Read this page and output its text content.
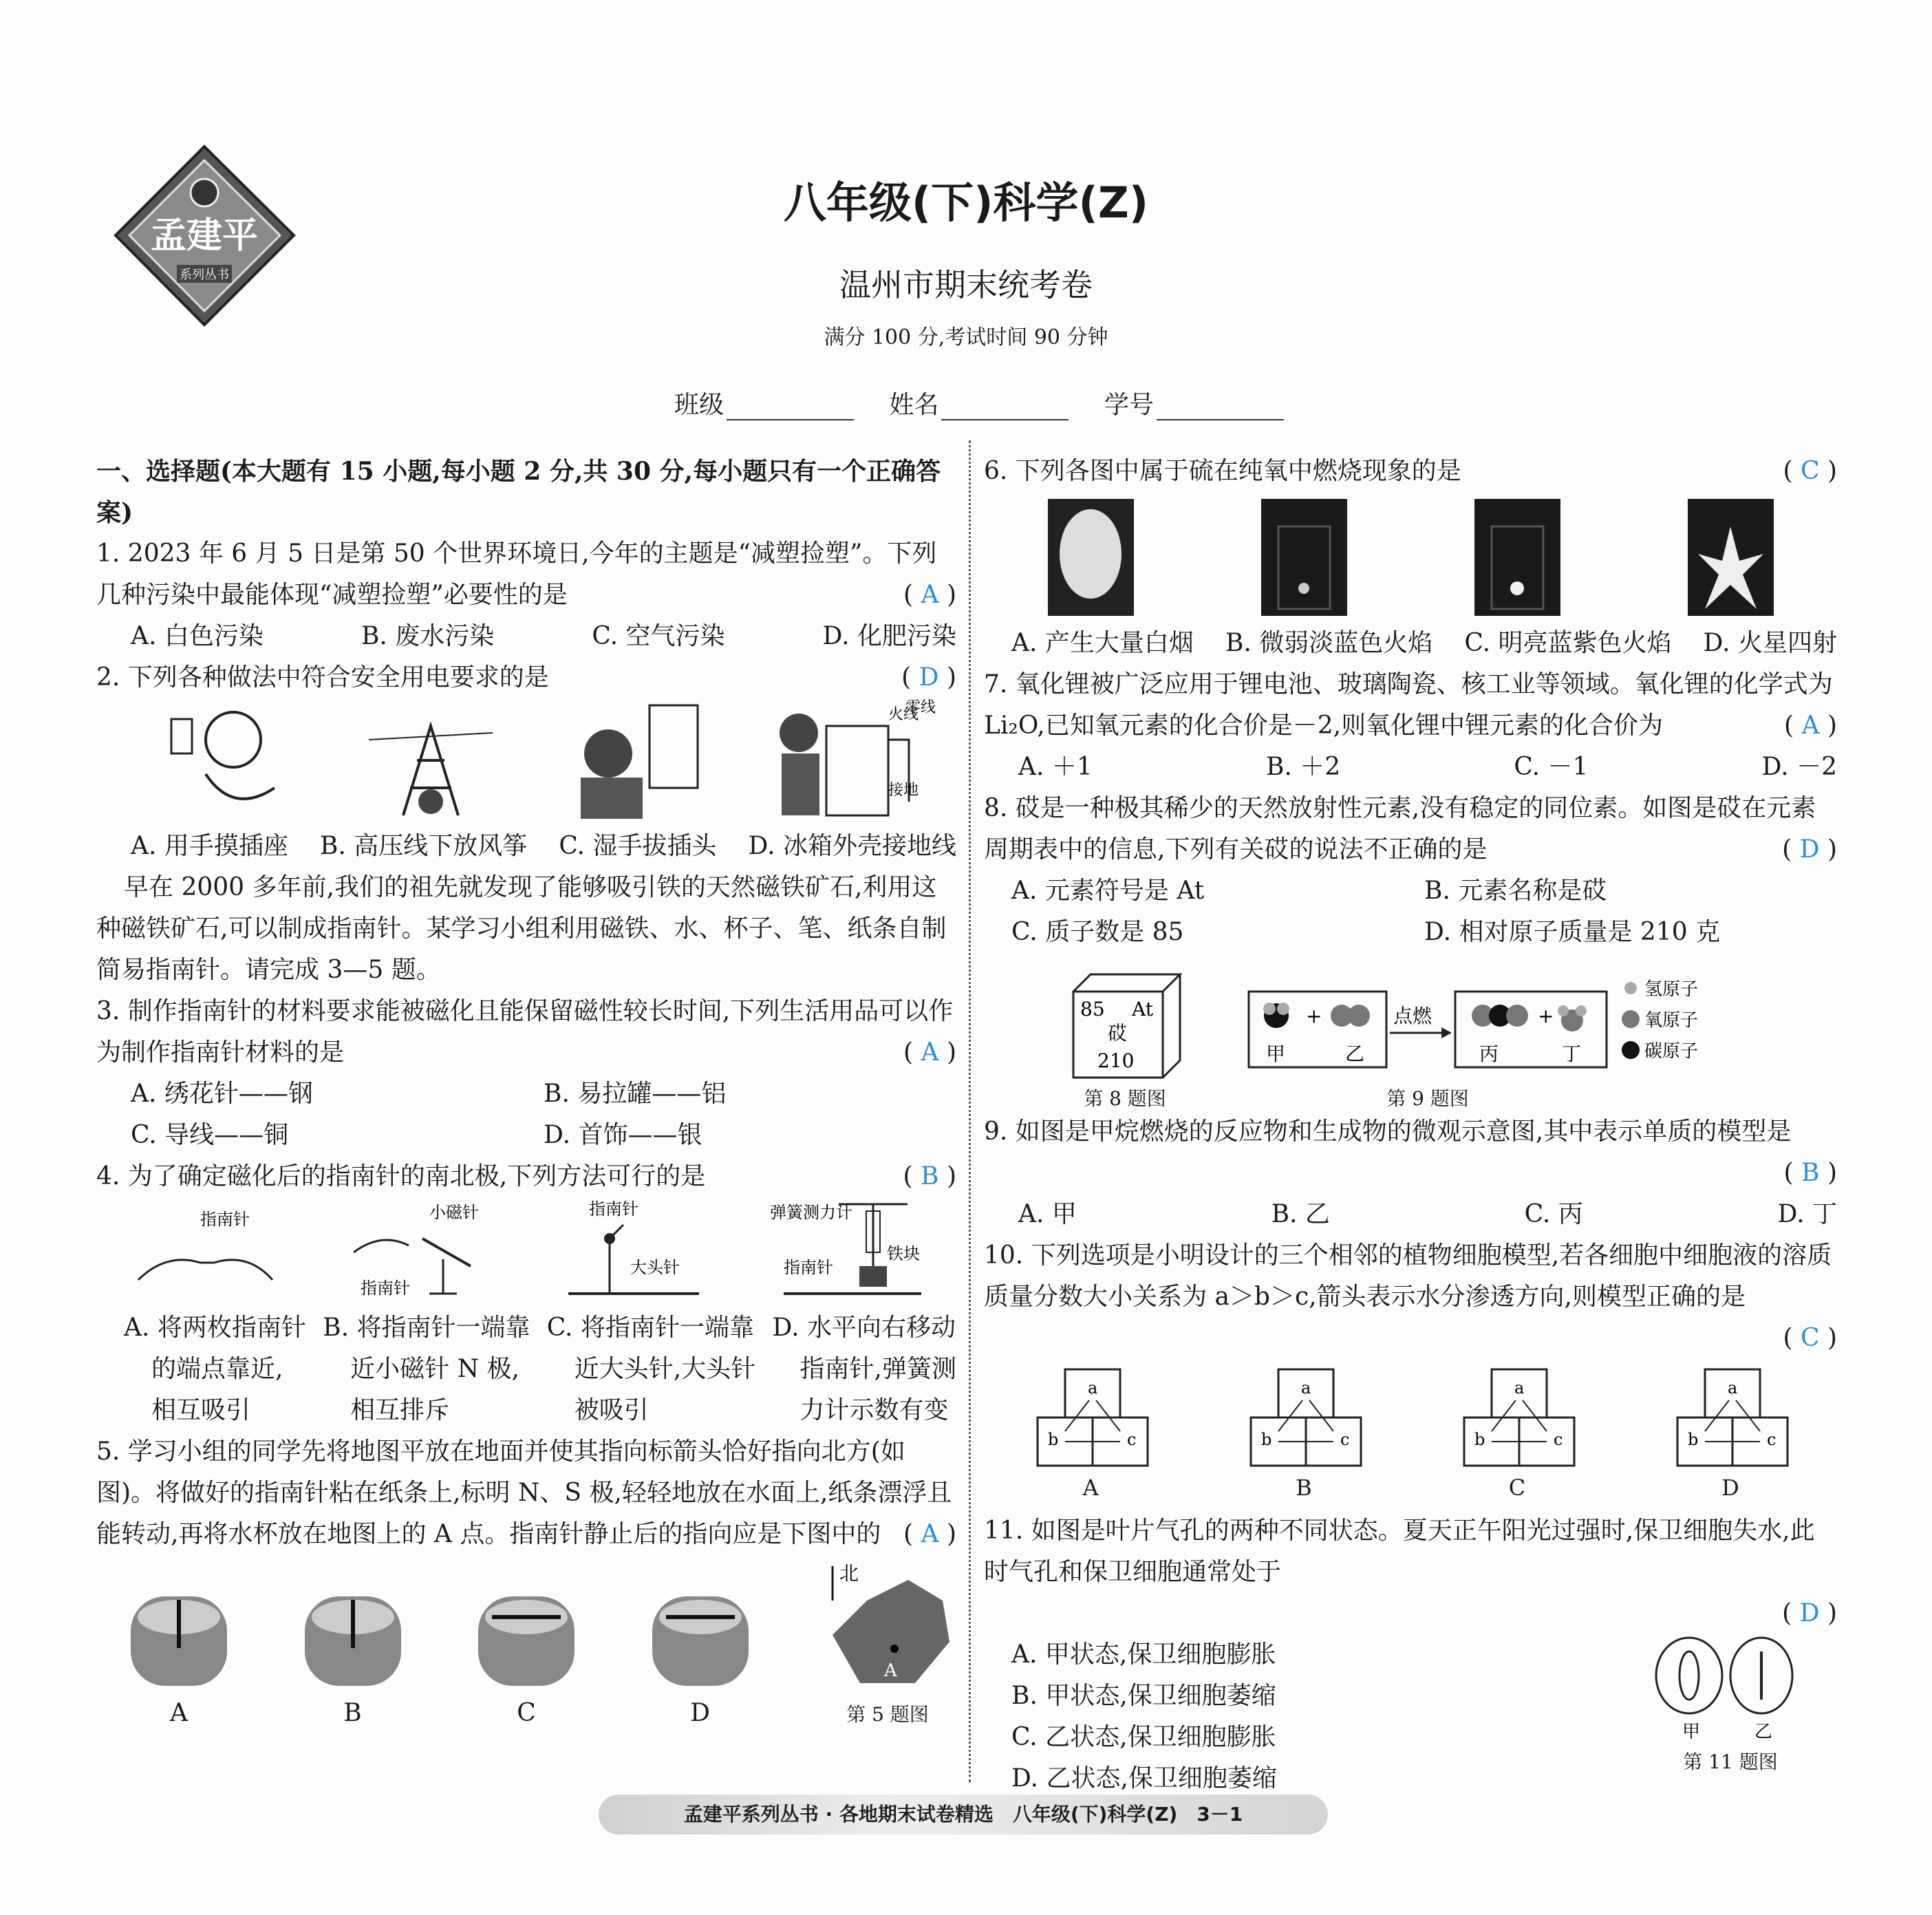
孟建平
系列丛书
八年级(下)科学(Z)
温州市期末统考卷
满分 100 分,考试时间 90 分钟
班级	姓名	学号
一、选择题(本大题有 15 小题,每小题 2 分,共 30 分,每小题只有一个正确答案)
1. 2023 年 6 月 5 日是第 50 个世界环境日,今年的主题是“减塑捡塑”。下列几种污染中最能体现“减塑捡塑”必要性的是	( A )
A. 白色污染	B. 废水污染	C. 空气污染	D. 化肥污染
2. 下列各种做法中符合安全用电要求的是	( D )
火线
零线
接地
A. 用手摸插座 B. 高压线下放风筝 C. 湿手拔插头 D. 冰箱外壳接地线
早在 2000 多年前,我们的祖先就发现了能够吸引铁的天然磁铁矿石,利用这种磁铁矿石,可以制成指南针。某学习小组利用磁铁、水、杯子、笔、纸条自制简易指南针。请完成 3—5 题。
3. 制作指南针的材料要求能被磁化且能保留磁性较长时间,下列生活用品可以作为制作指南针材料的是	( A )
A. 绣花针——钢	B. 易拉罐——铝
C. 导线——铜	D. 首饰——银
4. 为了确定磁化后的指南针的南北极,下列方法可行的是	( B )
指南针	小磁针
指南针
指南针
大头针
弹簧测力计
铁块
指南针
A. 将两枚指南针
的端点靠近,
相互吸引
B. 将指南针一端靠
近小磁针 N 极,
相互排斥
C. 将指南针一端靠
近大头针,大头针
被吸引
D. 水平向右移动
指南针,弹簧测
力计示数有变
5. 学习小组的同学先将地图平放在地面并使其指向标箭头恰好指向北方(如图)。将做好的指南针粘在纸条上,标明 N、S 极,轻轻地放在水面上,纸条漂浮且能转动,再将水杯放在地图上的 A 点。指南针静止后的指向应是下图中的 ( A )
A	B	C	D
北
A
第 5 题图
6. 下列各图中属于硫在纯氧中燃烧现象的是	( C )
A. 产生大量白烟 B. 微弱淡蓝色火焰 C. 明亮蓝紫色火焰 D. 火星四射
7. 氧化锂被广泛应用于锂电池、玻璃陶瓷、核工业等领域。氧化锂的化学式为 Li₂O,已知氧元素的化合价是－2,则氧化锂中锂元素的化合价为	( A )
A. ＋1	B. ＋2	C. －1	D. －2
8. 砹是一种极其稀少的天然放射性元素,没有稳定的同位素。如图是砹在元素周期表中的信息,下列有关砹的说法不正确的是	( D )
A. 元素符号是 At	B. 元素名称是砹
C. 质子数是 85	D. 相对原子质量是 210 克
85 At
砹
210
第 8 题图
+
甲	乙
点燃	+
丙	丁
氢原子
氧原子
碳原子
第 9 题图
9. 如图是甲烷燃烧的反应物和生成物的微观示意图,其中表示单质的模型是
( B )
A. 甲	B. 乙	C. 丙	D. 丁
10. 下列选项是小明设计的三个相邻的植物细胞模型,若各细胞中细胞液的溶质质量分数大小关系为 a＞b＞c,箭头表示水分渗透方向,则模型正确的是
( C )
a
b	c
A
a
b	c
B
a
b	c
C
a
b	c
D
11. 如图是叶片气孔的两种不同状态。夏天正午阳光过强时,保卫细胞失水,此时气孔和保卫细胞通常处于
( D )
A. 甲状态,保卫细胞膨胀
B. 甲状态,保卫细胞萎缩
C. 乙状态,保卫细胞膨胀
D. 乙状态,保卫细胞萎缩
甲	乙
第 11 题图
孟建平系列丛书 · 各地期末试卷精选　八年级(下)科学(Z)　3－1
